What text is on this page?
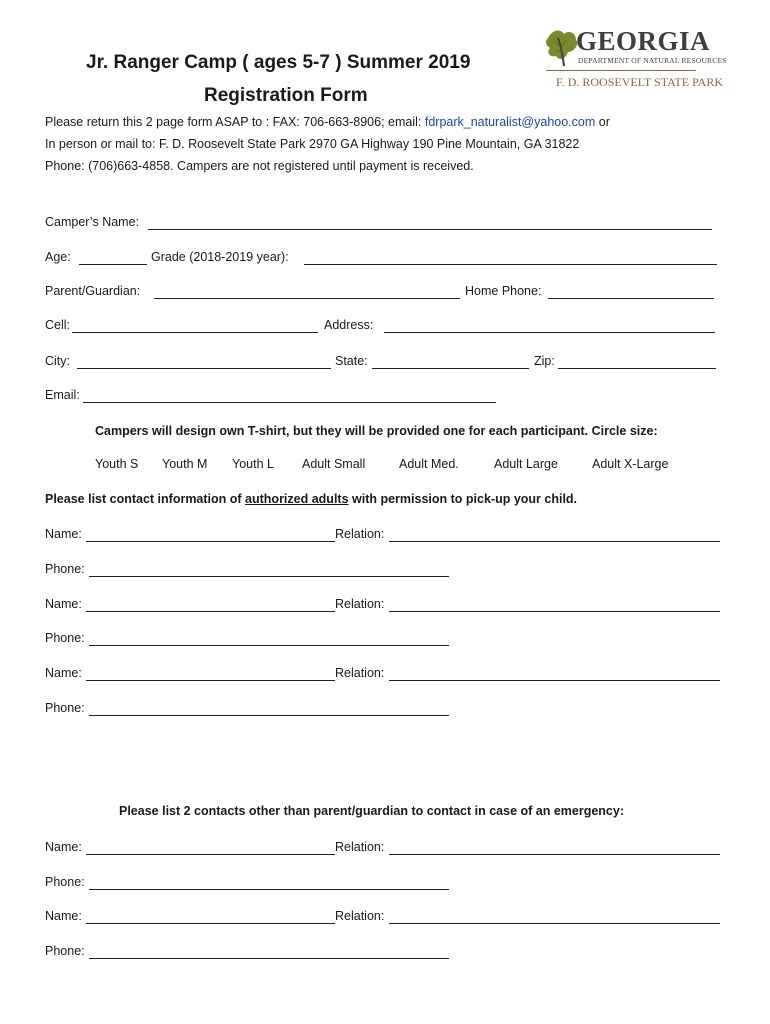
Jr. Ranger Camp ( ages 5-7 ) Summer 2019
Registration Form
GEORGIA
DEPARTMENT OF NATURAL RESOURCES
F. D. ROOSEVELT STATE PARK
Please return this 2 page form ASAP to : FAX: 706-663-8906; email: fdrpark_naturalist@yahoo.com or
In person or mail to: F. D. Roosevelt State Park 2970 GA Highway 190 Pine Mountain, GA 31822
Phone: (706)663-4858. Campers are not registered until payment is received.
Camper’s Name:
Age:	Grade (2018-2019 year):
Parent/Guardian:	Home Phone:
Cell:	Address:
City:	State:	Zip:
Email:
Campers will design own T-shirt, but they will be provided one for each participant. Circle size:
Youth S Youth M Youth L Adult Small	Adult Med.	Adult Large	Adult X-Large
Please list contact information of authorized adults with permission to pick-up your child.
Name:	Relation:
Phone:
Name:	Relation:
Phone:
Name:	Relation:
Phone:
Please list 2 contacts other than parent/guardian to contact in case of an emergency:
Name:	Relation:
Phone:
Name:	Relation:
Phone:
